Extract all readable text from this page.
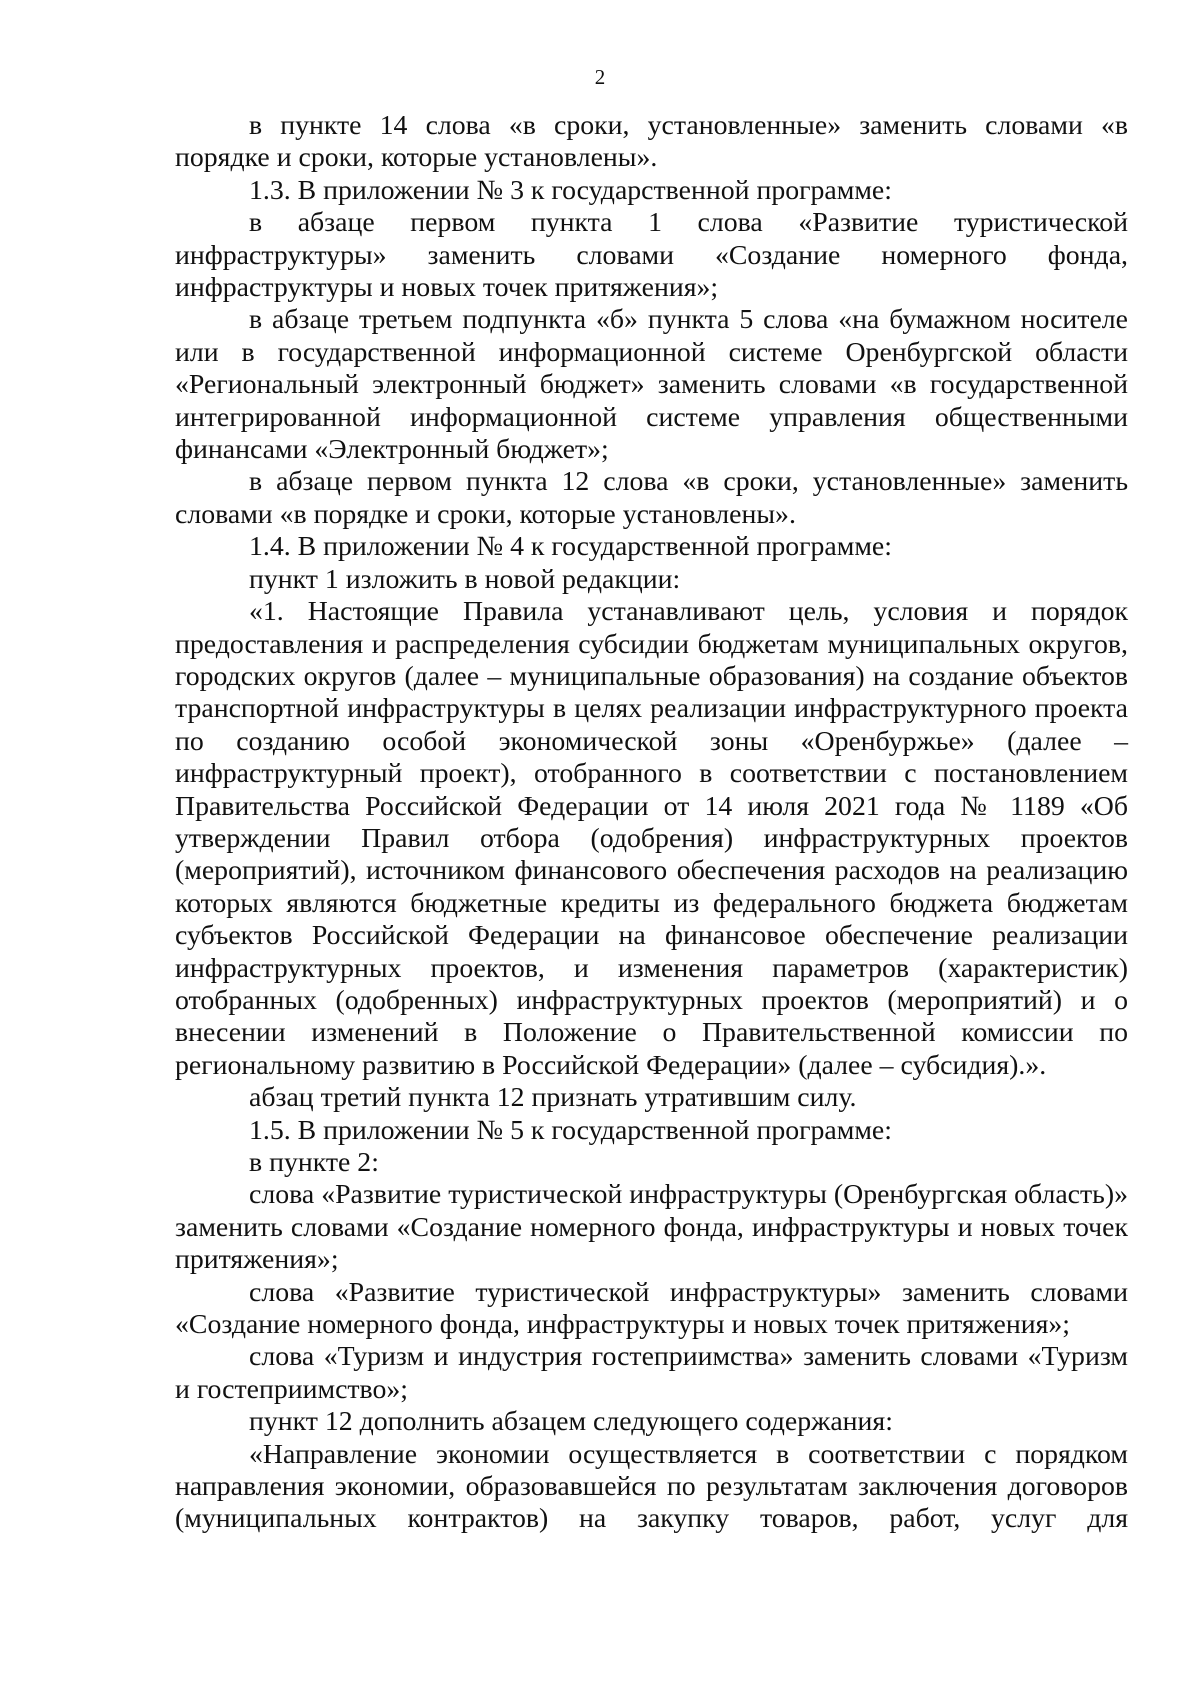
2

в пункте 14 слова «в сроки, установленные» заменить словами «в порядке и сроки, которые установлены».

1.3. В приложении № 3 к государственной программе:

в абзаце первом пункта 1 слова «Развитие туристической инфраструктуры» заменить словами «Создание номерного фонда, инфраструктуры и новых точек притяжения»;

в абзаце третьем подпункта «б» пункта 5 слова «на бумажном носителе или в государственной информационной системе Оренбургской области «Региональный электронный бюджет» заменить словами «в государственной интегрированной информационной системе управления общественными финансами «Электронный бюджет»;

в абзаце первом пункта 12 слова «в сроки, установленные» заменить словами «в порядке и сроки, которые установлены».

1.4. В приложении № 4 к государственной программе:

пункт 1 изложить в новой редакции:

«1. Настоящие Правила устанавливают цель, условия и порядок предоставления и распределения субсидии бюджетам муниципальных округов, городских округов (далее – муниципальные образования) на создание объектов транспортной инфраструктуры в целях реализации инфраструктурного проекта по созданию особой экономической зоны «Оренбуржье» (далее – инфраструктурный проект), отобранного в соответствии с постановлением Правительства Российской Федерации от 14 июля 2021 года № 1189 «Об утверждении Правил отбора (одобрения) инфраструктурных проектов (мероприятий), источником финансового обеспечения расходов на реализацию которых являются бюджетные кредиты из федерального бюджета бюджетам субъектов Российской Федерации на финансовое обеспечение реализации инфраструктурных проектов, и изменения параметров (характеристик) отобранных (одобренных) инфраструктурных проектов (мероприятий) и о внесении изменений в Положение о Правительственной комиссии по региональному развитию в Российской Федерации» (далее – субсидия).».

абзац третий пункта 12 признать утратившим силу.

1.5. В приложении № 5 к государственной программе:

в пункте 2:

слова «Развитие туристической инфраструктуры (Оренбургская область)» заменить словами «Создание номерного фонда, инфраструктуры и новых точек притяжения»;

слова «Развитие туристической инфраструктуры» заменить словами «Создание номерного фонда, инфраструктуры и новых точек притяжения»;

слова «Туризм и индустрия гостеприимства» заменить словами «Туризм и гостеприимство»;

пункт 12 дополнить абзацем следующего содержания:

«Направление экономии осуществляется в соответствии с порядком направления экономии, образовавшейся по результатам заключения договоров (муниципальных контрактов) на закупку товаров, работ, услуг для
